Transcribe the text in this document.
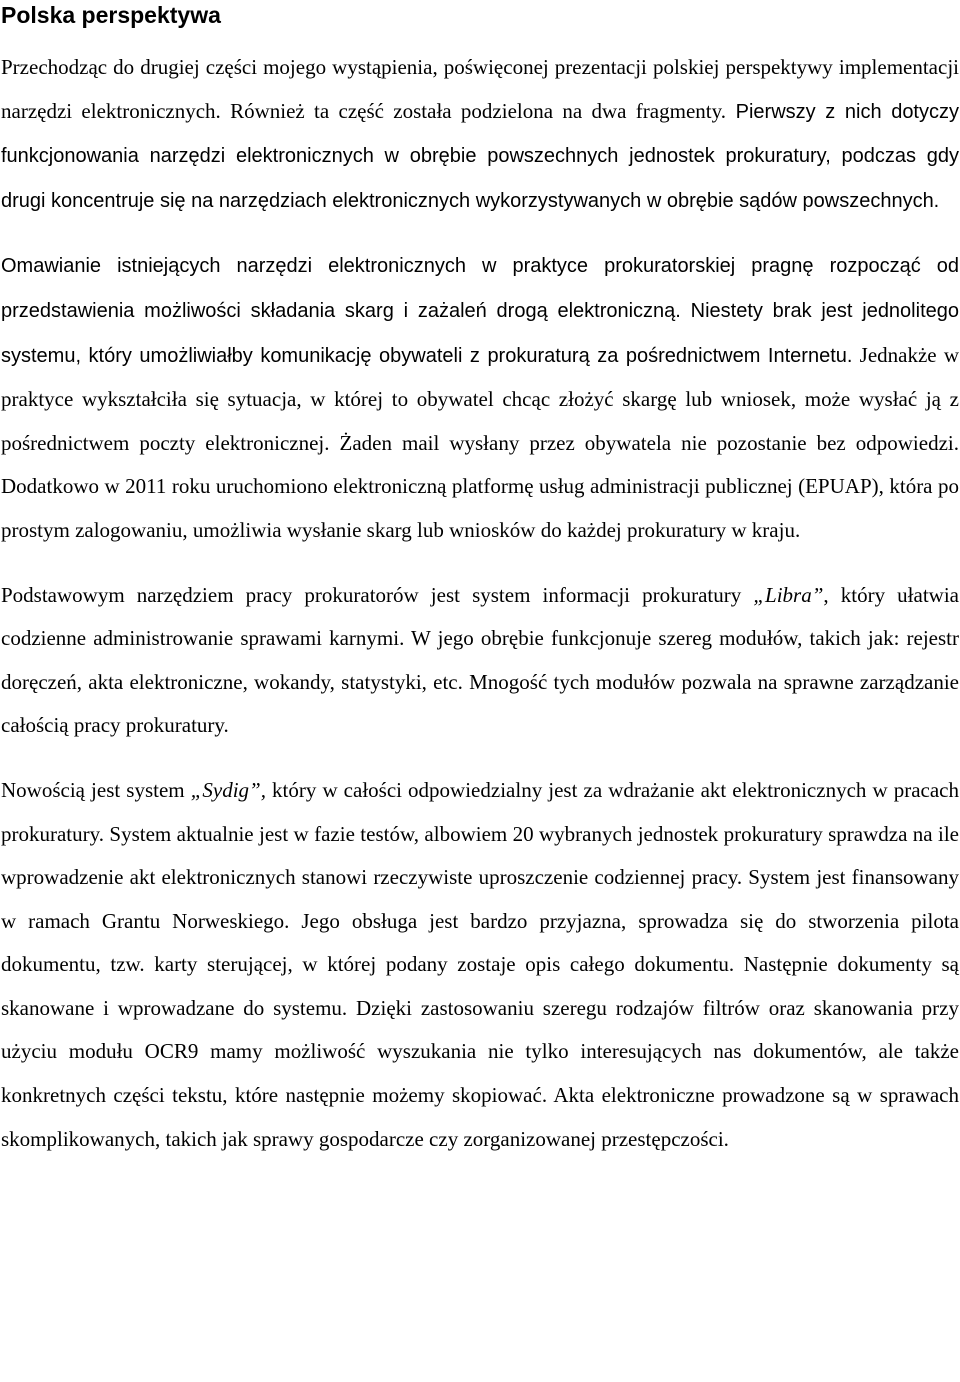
Polska perspektywa

Przechodząc do drugiej części mojego wystąpienia, poświęconej prezentacji polskiej perspektywy implementacji narzędzi elektronicznych. Również ta część została podzielona na dwa fragmenty. Pierwszy z nich dotyczy funkcjonowania narzędzi elektronicznych w obrębie powszechnych jednostek prokuratury, podczas gdy drugi koncentruje się na narzędziach elektronicznych wykorzystywanych w obrębie sądów powszechnych.

Omawianie istniejących narzędzi elektronicznych w praktyce prokuratorskiej pragnę rozpocząć od przedstawienia możliwości składania skarg i zażaleń drogą elektroniczną. Niestety brak jest jednolitego systemu, który umożliwiałby komunikację obywateli z prokuraturą za pośrednictwem Internetu. Jednakże w praktyce wykształciła się sytuacja, w której to obywatel chcąc złożyć skargę lub wniosek, może wysłać ją z pośrednictwem poczty elektronicznej. Żaden mail wysłany przez obywatela nie pozostanie bez odpowiedzi. Dodatkowo w 2011 roku uruchomiono elektroniczną platformę usług administracji publicznej (EPUAP), która po prostym zalogowaniu, umożliwia wysłanie skarg lub wniosków do każdej prokuratury w kraju.

Podstawowym narzędziem pracy prokuratorów jest system informacji prokuratury „Libra”, który ułatwia codzienne administrowanie sprawami karnymi. W jego obrębie funkcjonuje szereg modułów, takich jak: rejestr doręczeń, akta elektroniczne, wokandy, statystyki, etc. Mnogość tych modułów pozwala na sprawne zarządzanie całością pracy prokuratury.

Nowością jest system „Sydig”, który w całości odpowiedzialny jest za wdrażanie akt elektronicznych w pracach prokuratury. System aktualnie jest w fazie testów, albowiem 20 wybranych jednostek prokuratury sprawdza na ile wprowadzenie akt elektronicznych stanowi rzeczywiste uproszczenie codziennej pracy. System jest finansowany w ramach Grantu Norweskiego. Jego obsługa jest bardzo przyjazna, sprowadza się do stworzenia pilota dokumentu, tzw. karty sterującej, w której podany zostaje opis całego dokumentu. Następnie dokumenty są skanowane i wprowadzane do systemu. Dzięki zastosowaniu szeregu rodzajów filtrów oraz skanowania przy użyciu modułu OCR9 mamy możliwość wyszukania nie tylko interesujących nas dokumentów, ale także konkretnych części tekstu, które następnie możemy skopiować. Akta elektroniczne prowadzone są w sprawach skomplikowanych, takich jak sprawy gospodarcze czy zorganizowanej przestępczości.
